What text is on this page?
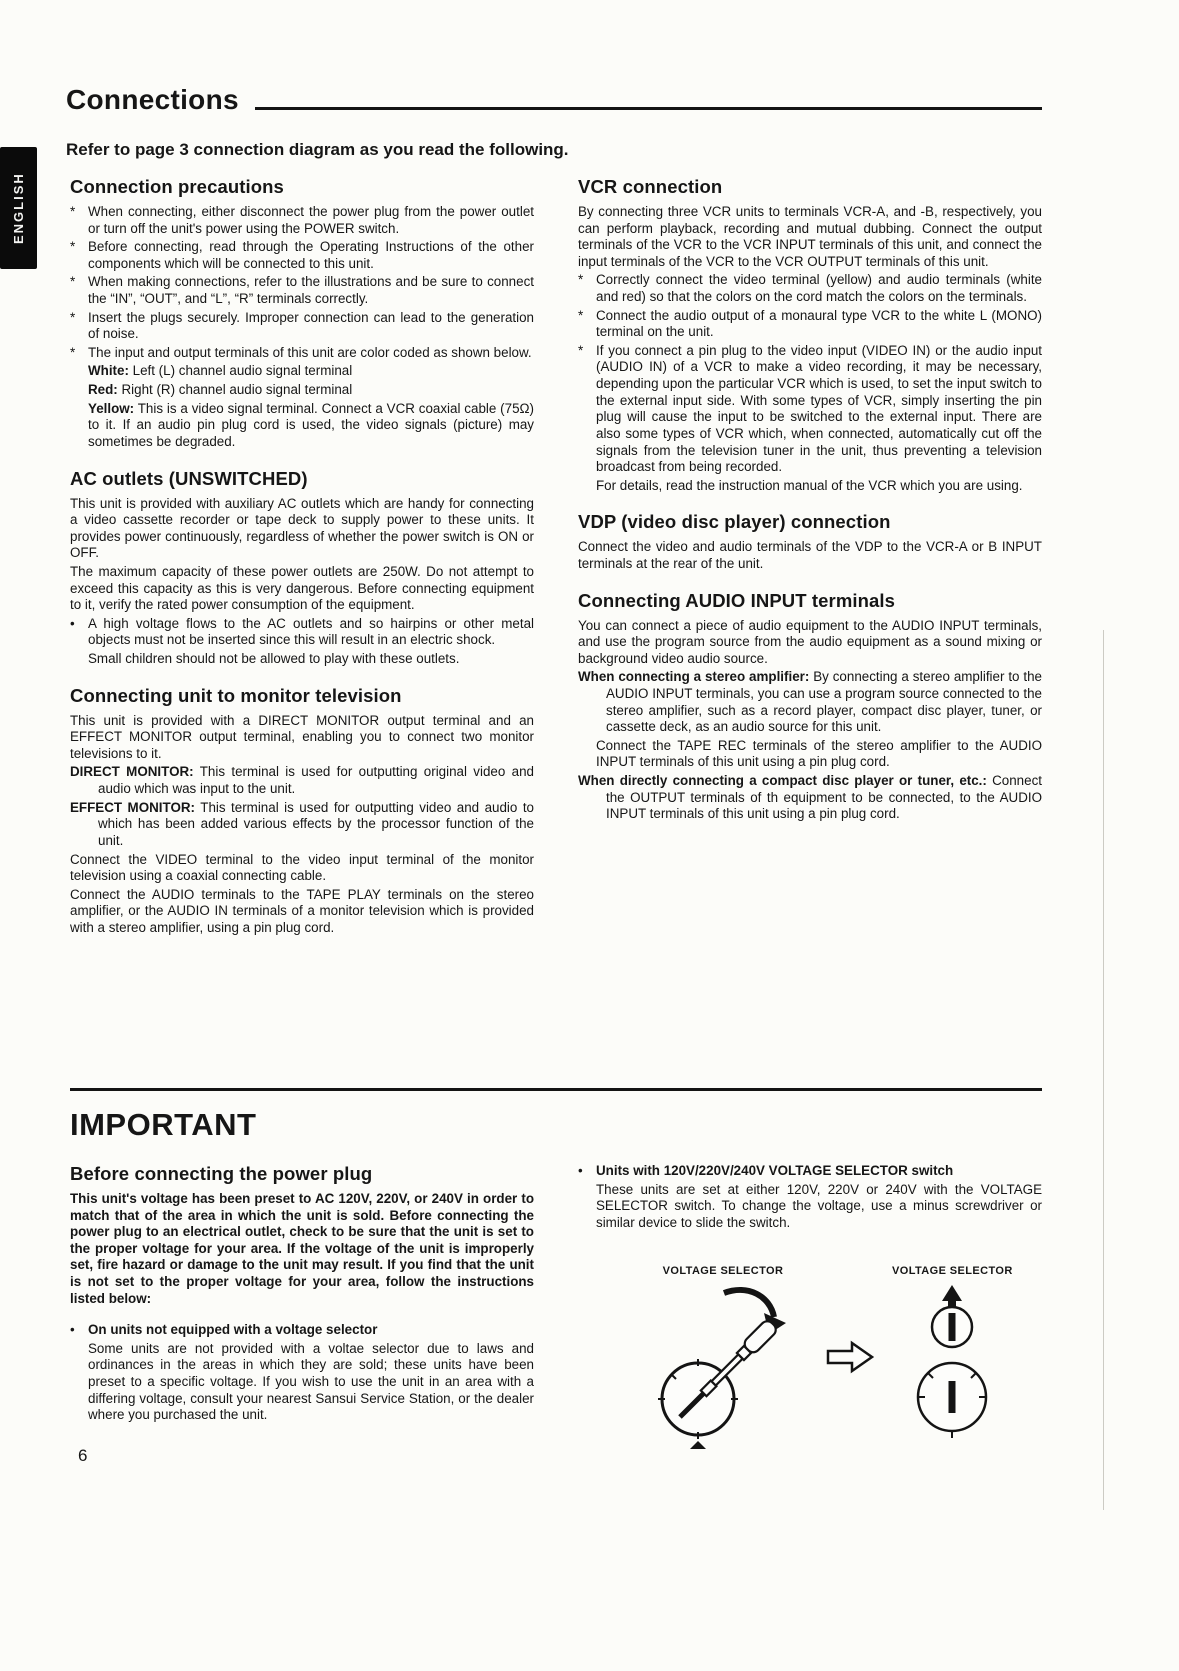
ENGLISH
Connections
Refer to page 3 connection diagram as you read the following.
Connection precautions
* When connecting, either disconnect the power plug from the power outlet or turn off the unit's power using the POWER switch.
* Before connecting, read through the Operating Instructions of the other components which will be connected to this unit.
* When making connections, refer to the illustrations and be sure to connect the “IN”, “OUT”, and “L”, “R” terminals correctly.
* Insert the plugs securely. Improper connection can lead to the generation of noise.
* The input and output terminals of this unit are color coded as shown below.
White: Left (L) channel audio signal terminal
Red: Right (R) channel audio signal terminal
Yellow: This is a video signal terminal. Connect a VCR coaxial cable (75Ω) to it. If an audio pin plug cord is used, the video signals (picture) may sometimes be degraded.
AC outlets (UNSWITCHED)
This unit is provided with auxiliary AC outlets which are handy for connecting a video cassette recorder or tape deck to supply power to these units. It provides power continuously, regardless of whether the power switch is ON or OFF.
The maximum capacity of these power outlets are 250W. Do not attempt to exceed this capacity as this is very dangerous. Before connecting equipment to it, verify the rated power consumption of the equipment.
• A high voltage flows to the AC outlets and so hairpins or other metal objects must not be inserted since this will result in an electric shock.
Small children should not be allowed to play with these outlets.
Connecting unit to monitor television
This unit is provided with a DIRECT MONITOR output terminal and an EFFECT MONITOR output terminal, enabling you to connect two monitor televisions to it.
DIRECT MONITOR: This terminal is used for outputting original video and audio which was input to the unit.
EFFECT MONITOR: This terminal is used for outputting video and audio to which has been added various effects by the processor function of the unit.
Connect the VIDEO terminal to the video input terminal of the monitor television using a coaxial connecting cable.
Connect the AUDIO terminals to the TAPE PLAY terminals on the stereo amplifier, or the AUDIO IN terminals of a monitor television which is provided with a stereo amplifier, using a pin plug cord.
VCR connection
By connecting three VCR units to terminals VCR-A, and -B, respectively, you can perform playback, recording and mutual dubbing. Connect the output terminals of the VCR to the VCR INPUT terminals of this unit, and connect the input terminals of the VCR to the VCR OUTPUT terminals of this unit.
* Correctly connect the video terminal (yellow) and audio terminals (white and red) so that the colors on the cord match the colors on the terminals.
* Connect the audio output of a monaural type VCR to the white L (MONO) terminal on the unit.
* If you connect a pin plug to the video input (VIDEO IN) or the audio input (AUDIO IN) of a VCR to make a video recording, it may be necessary, depending upon the particular VCR which is used, to set the input switch to the external input side. With some types of VCR, simply inserting the pin plug will cause the input to be switched to the external input. There are also some types of VCR which, when connected, automatically cut off the signals from the television tuner in the unit, thus preventing a television broadcast from being recorded.
For details, read the instruction manual of the VCR which you are using.
VDP (video disc player) connection
Connect the video and audio terminals of the VDP to the VCR-A or B INPUT terminals at the rear of the unit.
Connecting AUDIO INPUT terminals
You can connect a piece of audio equipment to the AUDIO INPUT terminals, and use the program source from the audio equipment as a sound mixing or background video audio source.
When connecting a stereo amplifier: By connecting a stereo amplifier to the AUDIO INPUT terminals, you can use a program source connected to the stereo amplifier, such as a record player, compact disc player, tuner, or cassette deck, as an audio source for this unit.
Connect the TAPE REC terminals of the stereo amplifier to the AUDIO INPUT terminals of this unit using a pin plug cord.
When directly connecting a compact disc player or tuner, etc.: Connect the OUTPUT terminals of th equipment to be connected, to the AUDIO INPUT terminals of this unit using a pin plug cord.
IMPORTANT
Before connecting the power plug
This unit's voltage has been preset to AC 120V, 220V, or 240V in order to match that of the area in which the unit is sold. Before connecting the power plug to an electrical outlet, check to be sure that the unit is set to the proper voltage for your area. If the voltage of the unit is improperly set, fire hazard or damage to the unit may result. If you find that the unit is not set to the proper voltage for your area, follow the instructions listed below:
• On units not equipped with a voltage selector
Some units are not provided with a voltae selector due to laws and ordinances in the areas in which they are sold; these units have been preset to a specific voltage. If you wish to use the unit in an area with a differing voltage, consult your nearest Sansui Service Station, or the dealer where you purchased the unit.
• Units with 120V/220V/240V VOLTAGE SELECTOR switch
These units are set at either 120V, 220V or 240V with the VOLTAGE SELECTOR switch. To change the voltage, use a minus screwdriver or similar device to slide the switch.
VOLTAGE SELECTOR	VOLTAGE SELECTOR
6
